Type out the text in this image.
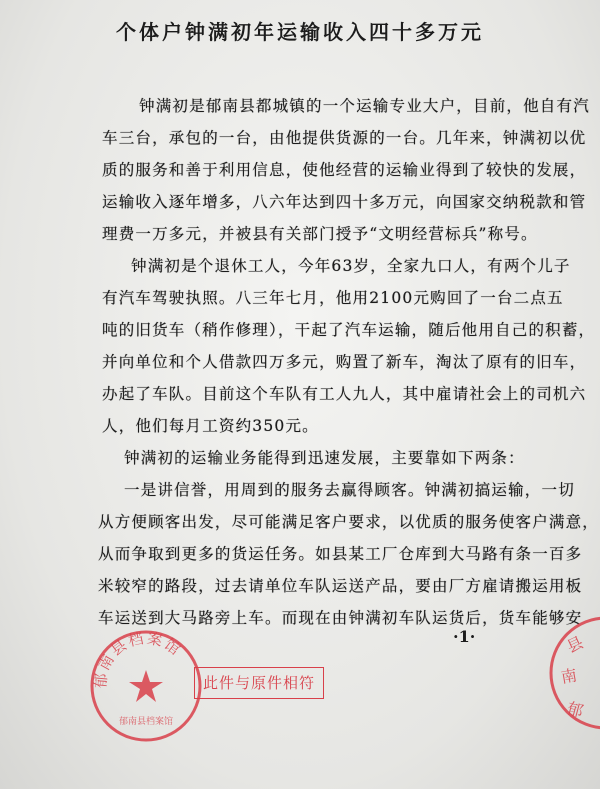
个体户钟满初年运输收入四十多万元
钟满初是郁南县都城镇的一个运输专业大户，目前，他自有汽
车三台，承包的一台，由他提供货源的一台。几年来，钟满初以优
质的服务和善于利用信息，使他经营的运输业得到了较快的发展，
运输收入逐年增多，八六年达到四十多万元，向国家交纳税款和管
理费一万多元，并被县有关部门授予“文明经营标兵”称号。
钟满初是个退休工人，今年63岁，全家九口人，有两个儿子
有汽车驾驶执照。八三年七月，他用2100元购回了一台二点五
吨的旧货车（稍作修理），干起了汽车运输，随后他用自己的积蓄，
并向单位和个人借款四万多元，购置了新车，淘汰了原有的旧车，
办起了车队。目前这个车队有工人九人，其中雇请社会上的司机六
人，他们每月工资约350元。
钟满初的运输业务能得到迅速发展，主要靠如下两条：
一是讲信誉，用周到的服务去赢得顾客。钟满初搞运输，一切
从方便顾客出发，尽可能满足客户要求，以优质的服务使客户满意，
从而争取到更多的货运任务。如县某工厂仓库到大马路有条一百多
米较窄的路段，过去请单位车队运送产品，要由厂方雇请搬运用板
车运送到大马路旁上车。而现在由钟满初车队运货后，货车能够安
·1·
郁南县档案馆
郁南县档案馆
此件与原件相符
县
南
郁
